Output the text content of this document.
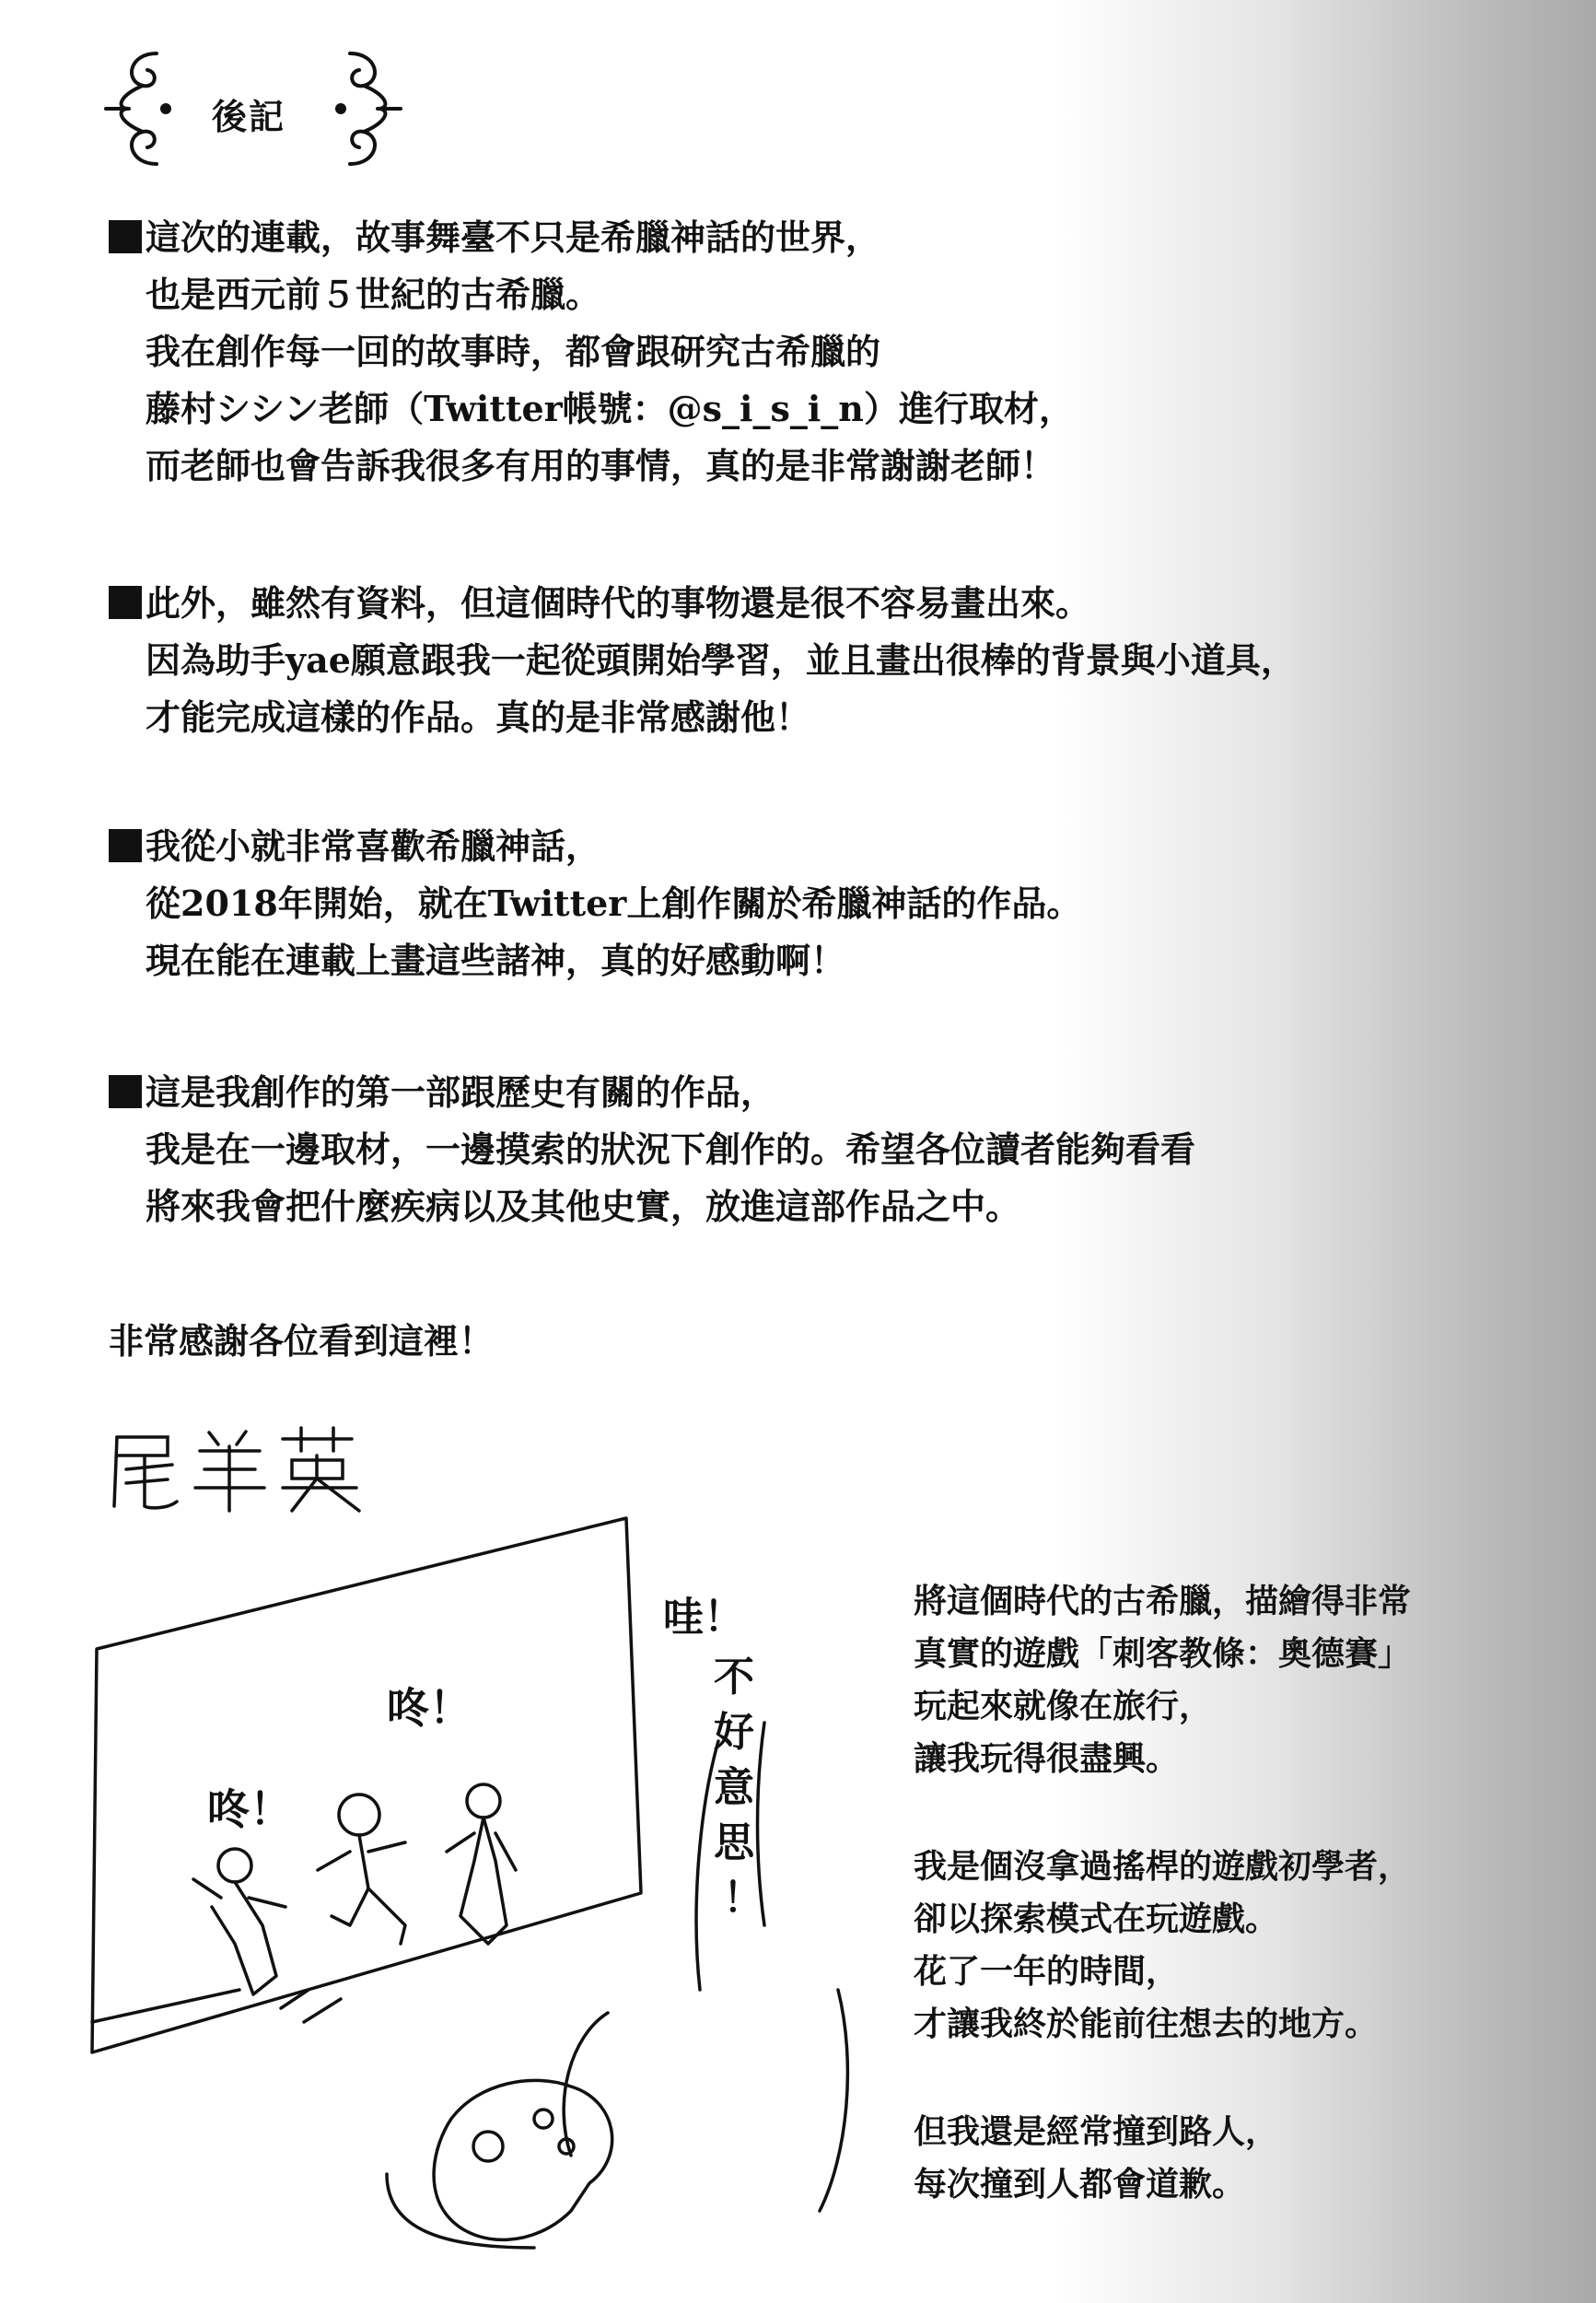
後記
這次的連載，故事舞臺不只是希臘神話的世界，
也是西元前５世紀的古希臘。
我在創作每一回的故事時，都會跟研究古希臘的
藤村シシン老師（Twitter帳號：@s_i_s_i_n）進行取材，
而老師也會告訴我很多有用的事情，真的是非常謝謝老師！
此外，雖然有資料，但這個時代的事物還是很不容易畫出來。
因為助手yae願意跟我一起從頭開始學習，並且畫出很棒的背景與小道具，
才能完成這樣的作品。真的是非常感謝他！
我從小就非常喜歡希臘神話，
從2018年開始，就在Twitter上創作關於希臘神話的作品。
現在能在連載上畫這些諸神，真的好感動啊！
這是我創作的第一部跟歷史有關的作品，
我是在一邊取材，一邊摸索的狀況下創作的。希望各位讀者能夠看看
將來我會把什麼疾病以及其他史實，放進這部作品之中。
非常感謝各位看到這裡！
咚！
咚！
哇！
不
好
意
思
！
將這個時代的古希臘，描繪得非常
真實的遊戲「刺客教條：奧德賽」
玩起來就像在旅行，
讓我玩得很盡興。
我是個沒拿過搖桿的遊戲初學者，
卻以探索模式在玩遊戲。
花了一年的時間，
才讓我終於能前往想去的地方。
但我還是經常撞到路人，
每次撞到人都會道歉。
